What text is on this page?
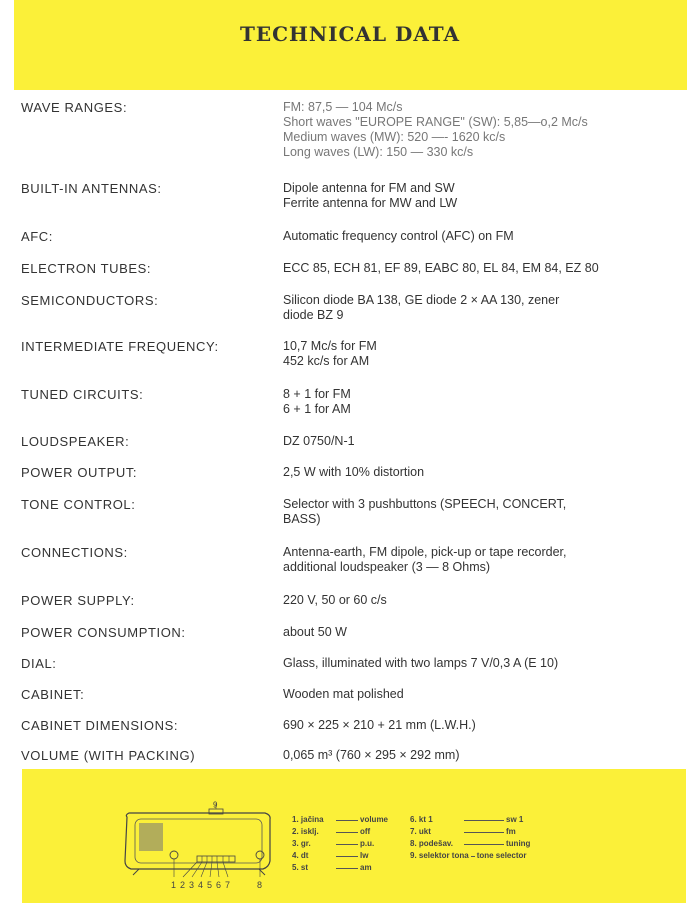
TECHNICAL DATA
WAVE RANGES:	FM: 87,5 — 104 Mc/s
Short waves "EUROPE RANGE" (SW): 5,85—o,2 Mc/s
Medium waves (MW): 520 —- 1620 kc/s
Long waves (LW): 150 — 330 kc/s
BUILT-IN ANTENNAS:	Dipole antenna for FM and SW
Ferrite antenna for MW and LW
AFC:	Automatic frequency control (AFC) on FM
ELECTRON TUBES:	ECC 85, ECH 81, EF 89, EABC 80, EL 84, EM 84, EZ 80
SEMICONDUCTORS:	Silicon diode BA 138, GE diode 2 × AA 130, zener
diode BZ 9
INTERMEDIATE FREQUENCY:	10,7 Mc/s for FM
452 kc/s for AM
TUNED CIRCUITS:	8 + 1 for FM
6 + 1 for AM
LOUDSPEAKER:	DZ 0750/N-1
POWER OUTPUT:	2,5 W with 10% distortion
TONE CONTROL:	Selector with 3 pushbuttons (SPEECH, CONCERT,
BASS)
CONNECTIONS:	Antenna-earth, FM dipole, pick-up or tape recorder,
additional loudspeaker (3 — 8 Ohms)
POWER SUPPLY:	220 V, 50 or 60 c/s
POWER CONSUMPTION:	about 50 W
DIAL:	Glass, illuminated with two lamps 7 V/0,3 A (E 10)
CABINET:	Wooden mat polished
CABINET DIMENSIONS:	690 × 225 × 210 + 21 mm (L.W.H.)
VOLUME (WITH PACKING)	0,065 m³ (760 × 295 × 292 mm)
1 2 3 4 5 6 7	8
9
1. jačina	volume
2. isklj.	off
3. gr.	p.u.
4. dt	lw
5. st	am
6. kt 1	sw 1
7. ukt	fm
8. podešav.	tuning
9. selektor tona tone selector
